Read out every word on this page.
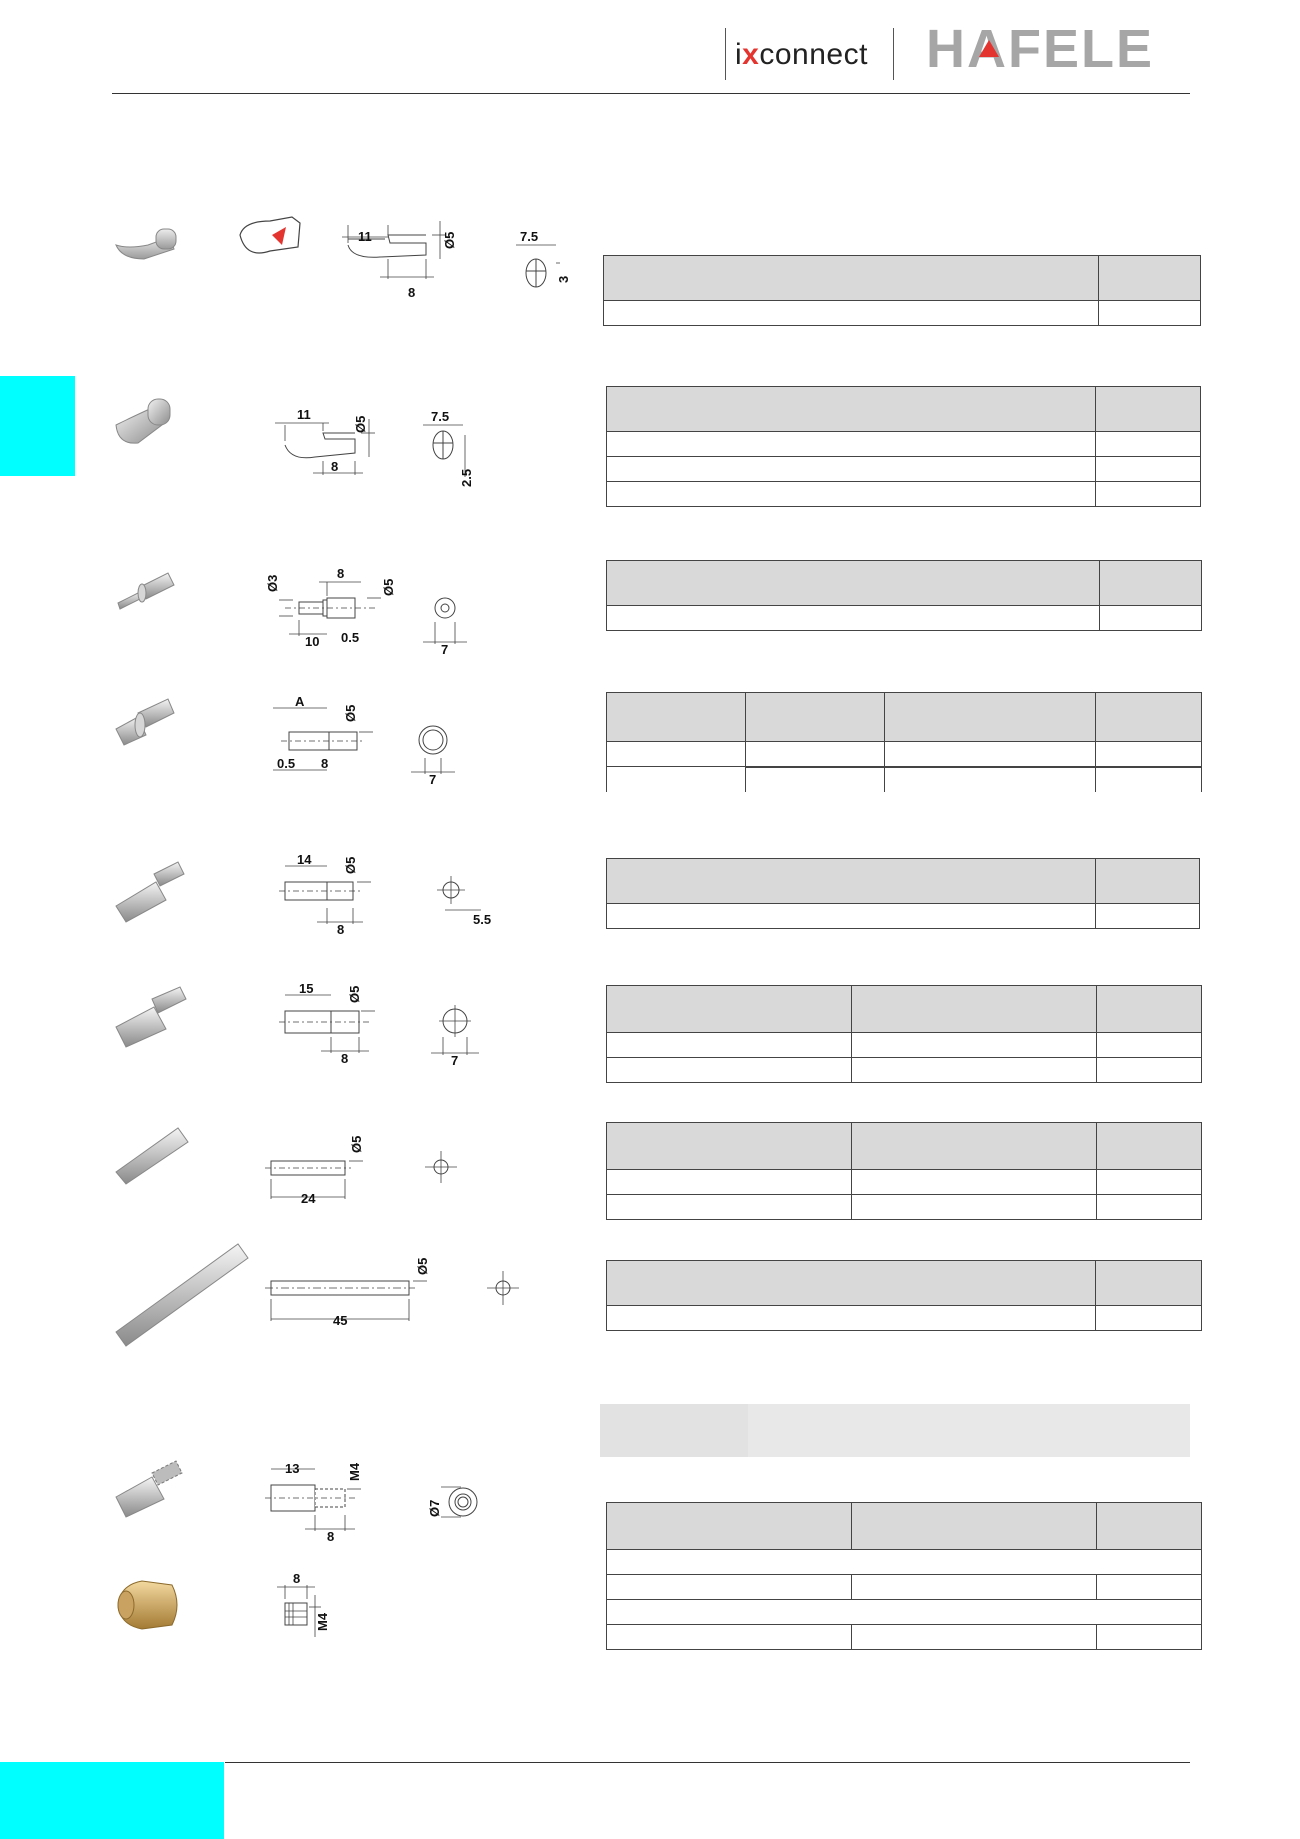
ixconnect HA
FELE
11	Ø5
8
7.5
3
11
Ø5
8
7.5
2.5
Ø3
8
Ø5
10 0.5
7
A
Ø5
0.5 8
7
14 Ø5
8
5.5
15	Ø5
8	7
Ø5
24
Ø5
45
13	M4
8
Ø7
8
M4
